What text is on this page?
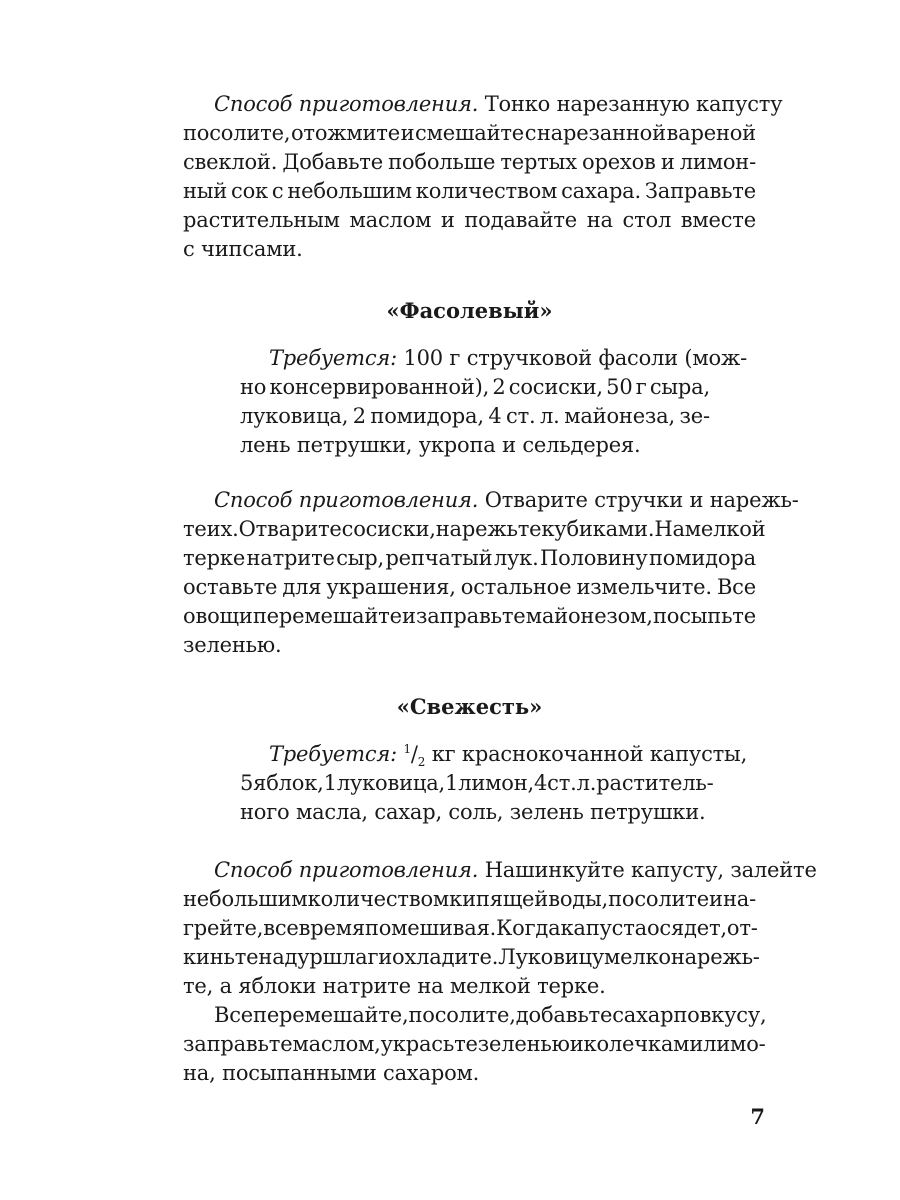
Способ приготовления. Тонко нарезанную капусту
посолите, отожмите и смешайте с нарезанной вареной
свеклой. Добавьте побольше тертых орехов и лимон-
ный сок с небольшим количеством сахара. Заправьте
растительным маслом и подавайте на стол вместе
с чипсами.
«Фасолевый»
Требуется: 100 г стручковой фасоли (мож-
но консервированной), 2 сосиски, 50 г сыра,
луковица, 2 помидора, 4 ст. л. майонеза, зе-
лень петрушки, укропа и сельдерея.
Способ приготовления. Отварите стручки и нарежь-
те их. Отварите сосиски, нарежьте кубиками. На мелкой
терке натрите сыр, репчатый лук. Половину помидора
оставьте для украшения, остальное измельчите. Все
овощи перемешайте и заправьте майонезом, посыпьте
зеленью.
«Свежесть»
Требуется: $^1/_2$ кг краснокочанной капусты,
5 яблок, 1 луковица, 1 лимон, 4 ст. л. раститель-
ного масла, сахар, соль, зелень петрушки.
Способ приготовления. Нашинкуйте капусту, залейте
небольшим количеством кипящей воды, посолите и на-
грейте, все время помешивая. Когда капуста осядет, от-
киньте на дуршлаг и охладите. Луковицу мелко нарежь-
те, а яблоки натрите на мелкой терке.
Все перемешайте, посолите, добавьте сахар по вкусу,
заправьте маслом, украсьте зеленью и колечками лимо-
на, посыпанными сахаром.
7
